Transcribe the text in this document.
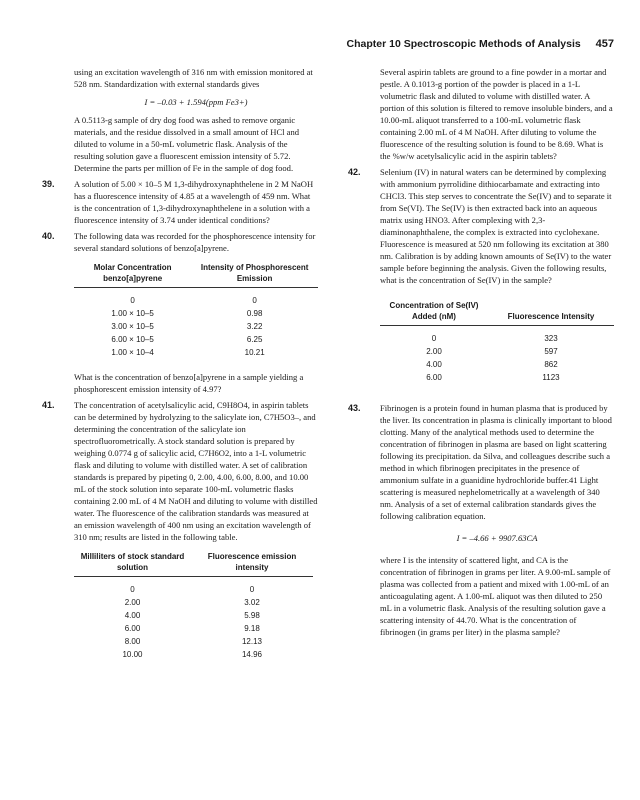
Chapter 10 Spectroscopic Methods of Analysis 457

using an excitation wavelength of 316 nm with emission monitored at 528 nm. Standardization with external standards gives

I = –0.03 + 1.594(ppm Fe3+)

A 0.5113-g sample of dry dog food was ashed to remove organic materials, and the residue dissolved in a small amount of HCl and diluted to volume in a 50-mL volumetric flask. Analysis of the resulting solution gave a fluorescent emission intensity of 5.72. Determine the parts per million of Fe in the sample of dog food.

39. A solution of 5.00 × 10–5 M 1,3-dihydroxynaphthelene in 2 M NaOH has a fluorescence intensity of 4.85 at a wavelength of 459 nm. What is the concentration of 1,3-dihydroxynaphthelene in a solution with a fluorescence intensity of 3.74 under identical conditions?

40. The following data was recorded for the phosphorescence intensity for several standard solutions of benzo[a]pyrene.

Molar Concentration benzo[a]pyrene	Intensity of Phosphorescent Emission
0	0
1.00 × 10–5	0.98
3.00 × 10–5	3.22
6.00 × 10–5	6.25
1.00 × 10–4	10.21

What is the concentration of benzo[a]pyrene in a sample yielding a phosphorescent emission intensity of 4.97?

41. The concentration of acetylsalicylic acid, C9H8O4, in aspirin tablets can be determined by hydrolyzing to the salicylate ion, C7H5O3–, and determining the concentration of the salicylate ion spectrofluorometrically. A stock standard solution is prepared by weighing 0.0774 g of salicylic acid, C7H6O2, into a 1-L volumetric flask and diluting to volume with distilled water. A set of calibration standards is prepared by pipeting 0, 2.00, 4.00, 6.00, 8.00, and 10.00 mL of the stock solution into separate 100-mL volumetric flasks containing 2.00 mL of 4 M NaOH and diluting to volume with distilled water. The fluorescence of the calibration standards was measured at an emission wavelength of 400 nm using an excitation wavelength of 310 nm; results are listed in the following table.

Milliliters of stock standard solution	Fluorescence emission intensity
0	0
2.00	3.02
4.00	5.98
6.00	9.18
8.00	12.13
10.00	14.96

Several aspirin tablets are ground to a fine powder in a mortar and pestle. A 0.1013-g portion of the powder is placed in a 1-L volumetric flask and diluted to volume with distilled water. A portion of this solution is filtered to remove insoluble binders, and a 10.00-mL aliquot transferred to a 100-mL volumetric flask containing 2.00 mL of 4 M NaOH. After diluting to volume the fluorescence of the resulting solution is found to be 8.69. What is the %w/w acetylsalicylic acid in the aspirin tablets?

42. Selenium (IV) in natural waters can be determined by complexing with ammonium pyrrolidine dithiocarbamate and extracting into CHCl3. This step serves to concentrate the Se(IV) and to separate it from Se(VI). The Se(IV) is then extracted back into an aqueous matrix using HNO3. After complexing with 2,3-diaminonaphthalene, the complex is extracted into cyclohexane. Fluorescence is measured at 520 nm following its excitation at 380 nm. Calibration is by adding known amounts of Se(IV) to the water sample before beginning the analysis. Given the following results, what is the concentration of Se(IV) in the sample?

Concentration of Se(IV) Added (nM)	Fluorescence Intensity
0	323
2.00	597
4.00	862
6.00	1123
43. Fibrinogen is a protein found in human plasma that is produced by the liver. Its concentration in plasma is clinically important to blood clotting. Many of the analytical methods used to determine the concentration of fibrinogen in plasma are based on light scattering following its precipitation. da Silva, and colleagues describe such a method in which fibrinogen precipitates in the presence of ammonium sulfate in a guanidine hydrochloride buffer.41 Light scattering is measured nephelometrically at a wavelength of 340 nm. Analysis of a set of external calibration standards gives the following calibration equation.

I = –4.66 + 9907.63CA

where I is the intensity of scattered light, and CA is the concentration of fibrinogen in grams per liter. A 9.00-mL sample of plasma was collected from a patient and mixed with 1.00-mL of an anticoagulating agent. A 1.00-mL aliquot was then diluted to 250 mL in a volumetric flask. Analysis of the resulting solution gave a scattering intensity of 44.70. What is the concentration of fibrinogen (in grams per liter) in the plasma sample?
